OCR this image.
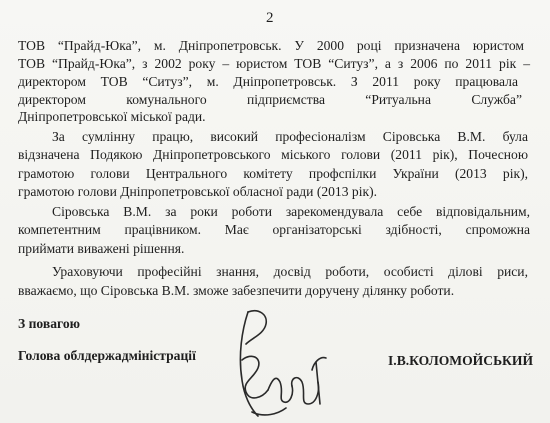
2
ТОВ “Прайд-Юка”, м. Дніпропетровськ. У 2000 році призначена юристом
ТОВ “Прайд-Юка”, з 2002 року – юристом ТОВ “Ситуз”, а з 2006 по 2011 рік –
директором ТОВ “Ситуз”, м. Дніпропетровськ. З 2011 року працювала
директором комунального підприємства “Ритуальна Служба”
Дніпропетровської міської ради.
За сумлінну працю, високий професіоналізм Сіровська В.М. була
відзначена Подякою Дніпропетровського міського голови (2011 рік), Почесною
грамотою голови Центрального комітету профспілки України (2013 рік),
грамотою голови Дніпропетровської обласної ради (2013 рік).
Сіровська В.М. за роки роботи зарекомендувала себе відповідальним,
компетентним працівником. Має організаторські здібності, спроможна
приймати виважені рішення.
Ураховуючи професійні знання, досвід роботи, особисті ділові риси,
вважаємо, що Сіровська В.М. зможе забезпечити доручену ділянку роботи.
З повагою
Голова облдержадміністрації	І.В.КОЛОМОЙСЬКИЙ
